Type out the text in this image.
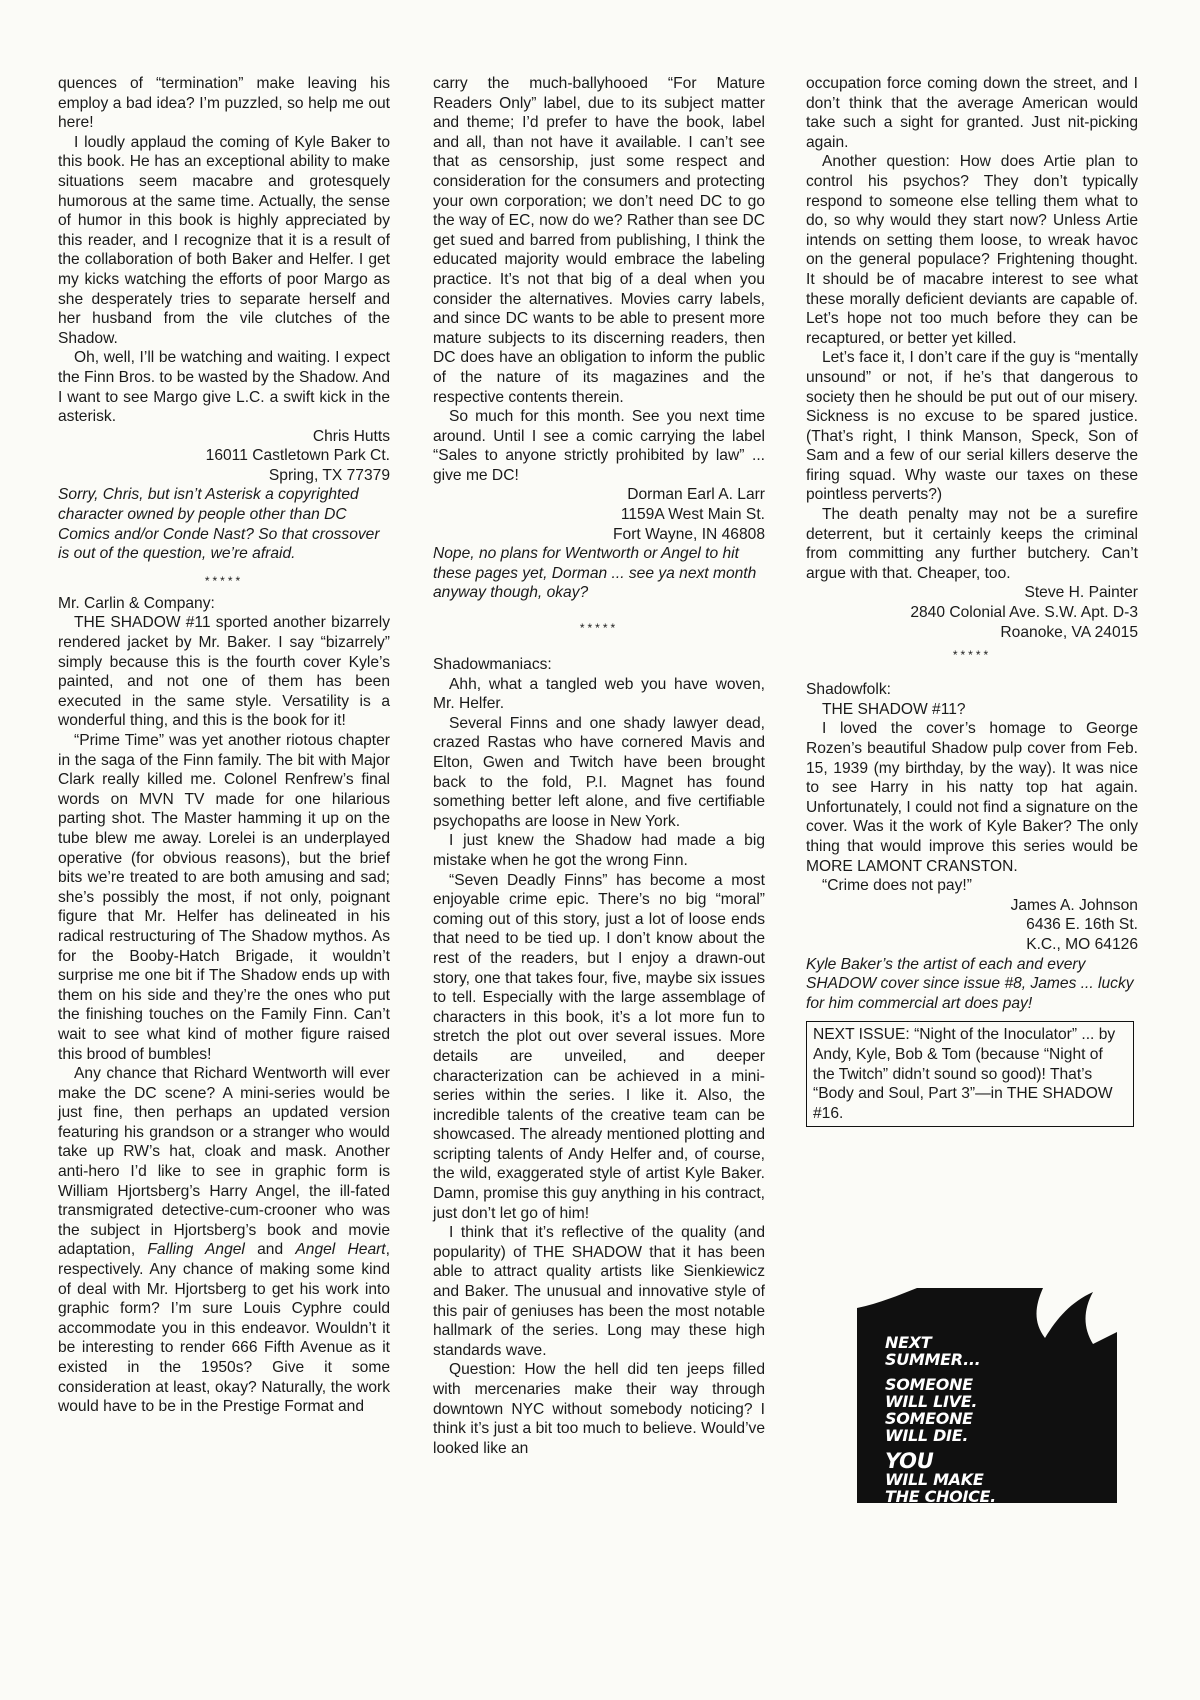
quences of “termination” make leaving his employ a bad idea? I’m puzzled, so help me out here!

I loudly applaud the coming of Kyle Baker to this book. He has an exceptional ability to make situations seem macabre and grotesquely humorous at the same time. Actually, the sense of humor in this book is highly appreciated by this reader, and I recognize that it is a result of the collaboration of both Baker and Helfer. I get my kicks watching the efforts of poor Margo as she desperately tries to separate herself and her husband from the vile clutches of the Shadow.

Oh, well, I’ll be watching and waiting. I expect the Finn Bros. to be wasted by the Shadow. And I want to see Margo give L.C. a swift kick in the asterisk.

Chris Hutts
16011 Castletown Park Ct.
Spring, TX 77379

Sorry, Chris, but isn’t Asterisk a copyrighted character owned by people other than DC Comics and/or Conde Nast? So that crossover is out of the question, we’re afraid.

*****

Mr. Carlin & Company:

THE SHADOW #11 sported another bizarrely rendered jacket by Mr. Baker. I say “bizarrely” simply because this is the fourth cover Kyle’s painted, and not one of them has been executed in the same style. Versatility is a wonderful thing, and this is the book for it!

“Prime Time” was yet another riotous chapter in the saga of the Finn family. The bit with Major Clark really killed me. Colonel Renfrew’s final words on MVN TV made for one hilarious parting shot. The Master hamming it up on the tube blew me away. Lorelei is an underplayed operative (for obvious reasons), but the brief bits we’re treated to are both amusing and sad; she’s possibly the most, if not only, poignant figure that Mr. Helfer has delineated in his radical restructuring of The Shadow mythos. As for the Booby-Hatch Brigade, it wouldn’t surprise me one bit if The Shadow ends up with them on his side and they’re the ones who put the finishing touches on the Family Finn. Can’t wait to see what kind of mother figure raised this brood of bumbles!

Any chance that Richard Wentworth will ever make the DC scene? A mini-series would be just fine, then perhaps an updated version featuring his grandson or a stranger who would take up RW’s hat, cloak and mask. Another anti-hero I’d like to see in graphic form is William Hjortsberg’s Harry Angel, the ill-fated transmigrated detective-cum-crooner who was the subject in Hjortsberg’s book and movie adaptation, Falling Angel and Angel Heart, respectively. Any chance of making some kind of deal with Mr. Hjortsberg to get his work into graphic form? I’m sure Louis Cyphre could accommodate you in this endeavor. Wouldn’t it be interesting to render 666 Fifth Avenue as it existed in the 1950s? Give it some consideration at least, okay? Naturally, the work would have to be in the Prestige Format and

carry the much-ballyhooed “For Mature Readers Only” label, due to its subject matter and theme; I’d prefer to have the book, label and all, than not have it available. I can’t see that as censorship, just some respect and consideration for the consumers and protecting your own corporation; we don’t need DC to go the way of EC, now do we? Rather than see DC get sued and barred from publishing, I think the educated majority would embrace the labeling practice. It’s not that big of a deal when you consider the alternatives. Movies carry labels, and since DC wants to be able to present more mature subjects to its discerning readers, then DC does have an obligation to inform the public of the nature of its magazines and the respective contents therein.

So much for this month. See you next time around. Until I see a comic carrying the label “Sales to anyone strictly prohibited by law” ... give me DC!

Dorman Earl A. Larr
1159A West Main St.
Fort Wayne, IN 46808

Nope, no plans for Wentworth or Angel to hit these pages yet, Dorman ... see ya next month anyway though, okay?

*****

Shadowmaniacs:

Ahh, what a tangled web you have woven, Mr. Helfer.

Several Finns and one shady lawyer dead, crazed Rastas who have cornered Mavis and Elton, Gwen and Twitch have been brought back to the fold, P.I. Magnet has found something better left alone, and five certifiable psychopaths are loose in New York.

I just knew the Shadow had made a big mistake when he got the wrong Finn.

“Seven Deadly Finns” has become a most enjoyable crime epic. There’s no big “moral” coming out of this story, just a lot of loose ends that need to be tied up. I don’t know about the rest of the readers, but I enjoy a drawn-out story, one that takes four, five, maybe six issues to tell. Especially with the large assemblage of characters in this book, it’s a lot more fun to stretch the plot out over several issues. More details are unveiled, and deeper characterization can be achieved in a mini-series within the series. I like it. Also, the incredible talents of the creative team can be showcased. The already mentioned plotting and scripting talents of Andy Helfer and, of course, the wild, exaggerated style of artist Kyle Baker. Damn, promise this guy anything in his contract, just don’t let go of him!

I think that it’s reflective of the quality (and popularity) of THE SHADOW that it has been able to attract quality artists like Sienkiewicz and Baker. The unusual and innovative style of this pair of geniuses has been the most notable hallmark of the series. Long may these high standards wave.

Question: How the hell did ten jeeps filled with mercenaries make their way through downtown NYC without somebody noticing? I think it’s just a bit too much to believe. Would’ve looked like an

occupation force coming down the street, and I don’t think that the average American would take such a sight for granted. Just nit-picking again.

Another question: How does Artie plan to control his psychos? They don’t typically respond to someone else telling them what to do, so why would they start now? Unless Artie intends on setting them loose, to wreak havoc on the general populace? Frightening thought. It should be of macabre interest to see what these morally deficient deviants are capable of. Let’s hope not too much before they can be recaptured, or better yet killed.

Let’s face it, I don’t care if the guy is “mentally unsound” or not, if he’s that dangerous to society then he should be put out of our misery. Sickness is no excuse to be spared justice. (That’s right, I think Manson, Speck, Son of Sam and a few of our serial killers deserve the firing squad. Why waste our taxes on these pointless perverts?)

The death penalty may not be a surefire deterrent, but it certainly keeps the criminal from committing any further butchery. Can’t argue with that. Cheaper, too.

Steve H. Painter
2840 Colonial Ave. S.W. Apt. D-3
Roanoke, VA 24015
*****

Shadowfolk:

THE SHADOW #11?

I loved the cover’s homage to George Rozen’s beautiful Shadow pulp cover from Feb. 15, 1939 (my birthday, by the way). It was nice to see Harry in his natty top hat again. Unfortunately, I could not find a signature on the cover. Was it the work of Kyle Baker? The only thing that would improve this series would be MORE LAMONT CRANSTON.

“Crime does not pay!”

James A. Johnson
6436 E. 16th St.
K.C., MO 64126

Kyle Baker’s the artist of each and every SHADOW cover since issue #8, James ... lucky for him commercial art does pay!

NEXT ISSUE: “Night of the Inoculator” ... by Andy, Kyle, Bob & Tom (because “Night of the Twitch” didn’t sound so good)! That’s “Body and Soul, Part 3”—in THE SHADOW #16.
NEXT
SUMMER...
SOMEONE
WILL LIVE.
SOMEONE
WILL DIE.
YOU
WILL MAKE
THE CHOICE.
